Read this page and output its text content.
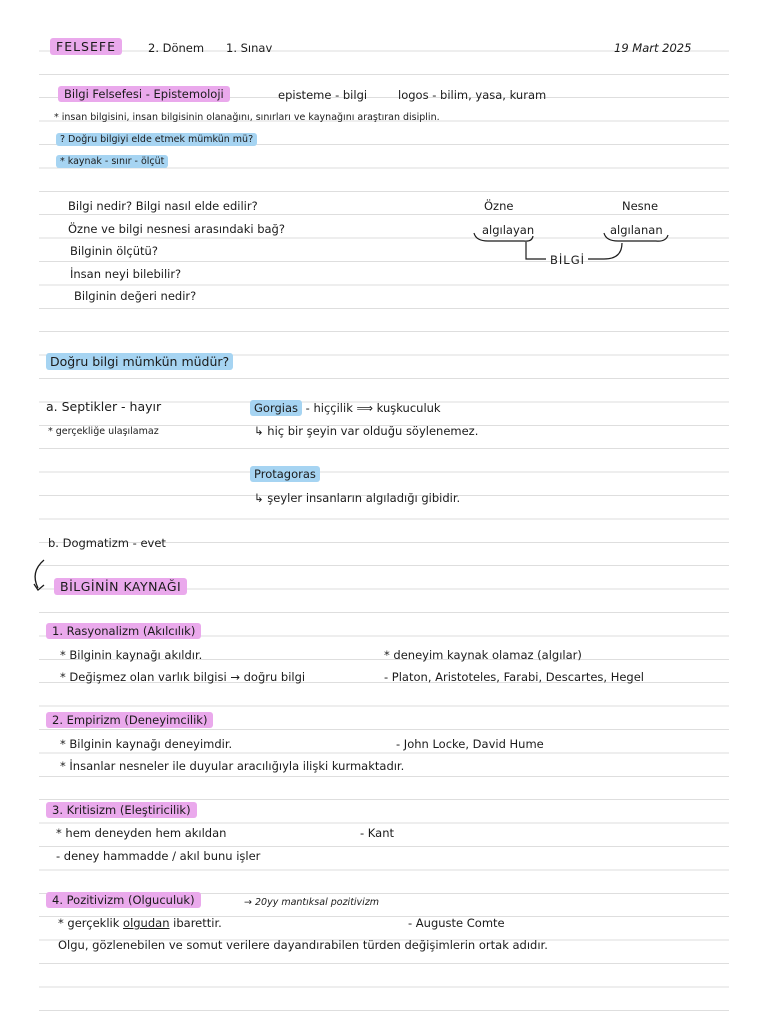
FELSEFE	2. Dönem 1. Sınav	19 Mart 2025
Bilgi Felsefesi - Epistemoloji	episteme - bilgi	logos - bilim, yasa, kuram
* insan bilgisini, insan bilgisinin olanağını, sınırları ve kaynağını araştıran disiplin.
? Doğru bilgiyi elde etmek mümkün mü?
* kaynak - sınır - ölçüt
Bilgi nedir? Bilgi nasıl elde edilir?
Özne ve bilgi nesnesi arasındaki bağ?
Bilginin ölçütü?
İnsan neyi bilebilir?
Bilginin değeri nedir?
Özne	Nesne
algılayan	algılanan
BİLGİ
Doğru bilgi mümkün müdür?
a. Septikler - hayır
* gerçekliğe ulaşılamaz
Gorgias - hiççilik ⟹ kuşkuculuk
↳ hiç bir şeyin var olduğu söylenemez.
Protagoras
↳ şeyler insanların algıladığı gibidir.
b. Dogmatizm - evet
BİLGİNİN KAYNAĞI
1. Rasyonalizm (Akılcılık)
* Bilginin kaynağı akıldır.
* Değişmez olan varlık bilgisi → doğru bilgi
* deneyim kaynak olamaz (algılar)
- Platon, Aristoteles, Farabi, Descartes, Hegel
2. Empirizm (Deneyimcilik)
* Bilginin kaynağı deneyimdir.	- John Locke, David Hume
* İnsanlar nesneler ile duyular aracılığıyla ilişki kurmaktadır.
3. Kritisizm (Eleştiricilik)
* hem deneyden hem akıldan	- Kant
- deney hammadde / akıl bunu işler
4. Pozitivizm (Olguculuk)	→ 20yy mantıksal pozitivizm
* gerçeklik olgudan ibarettir.	- Auguste Comte
Olgu, gözlenebilen ve somut verilere dayandırabilen türden değişimlerin ortak adıdır.
